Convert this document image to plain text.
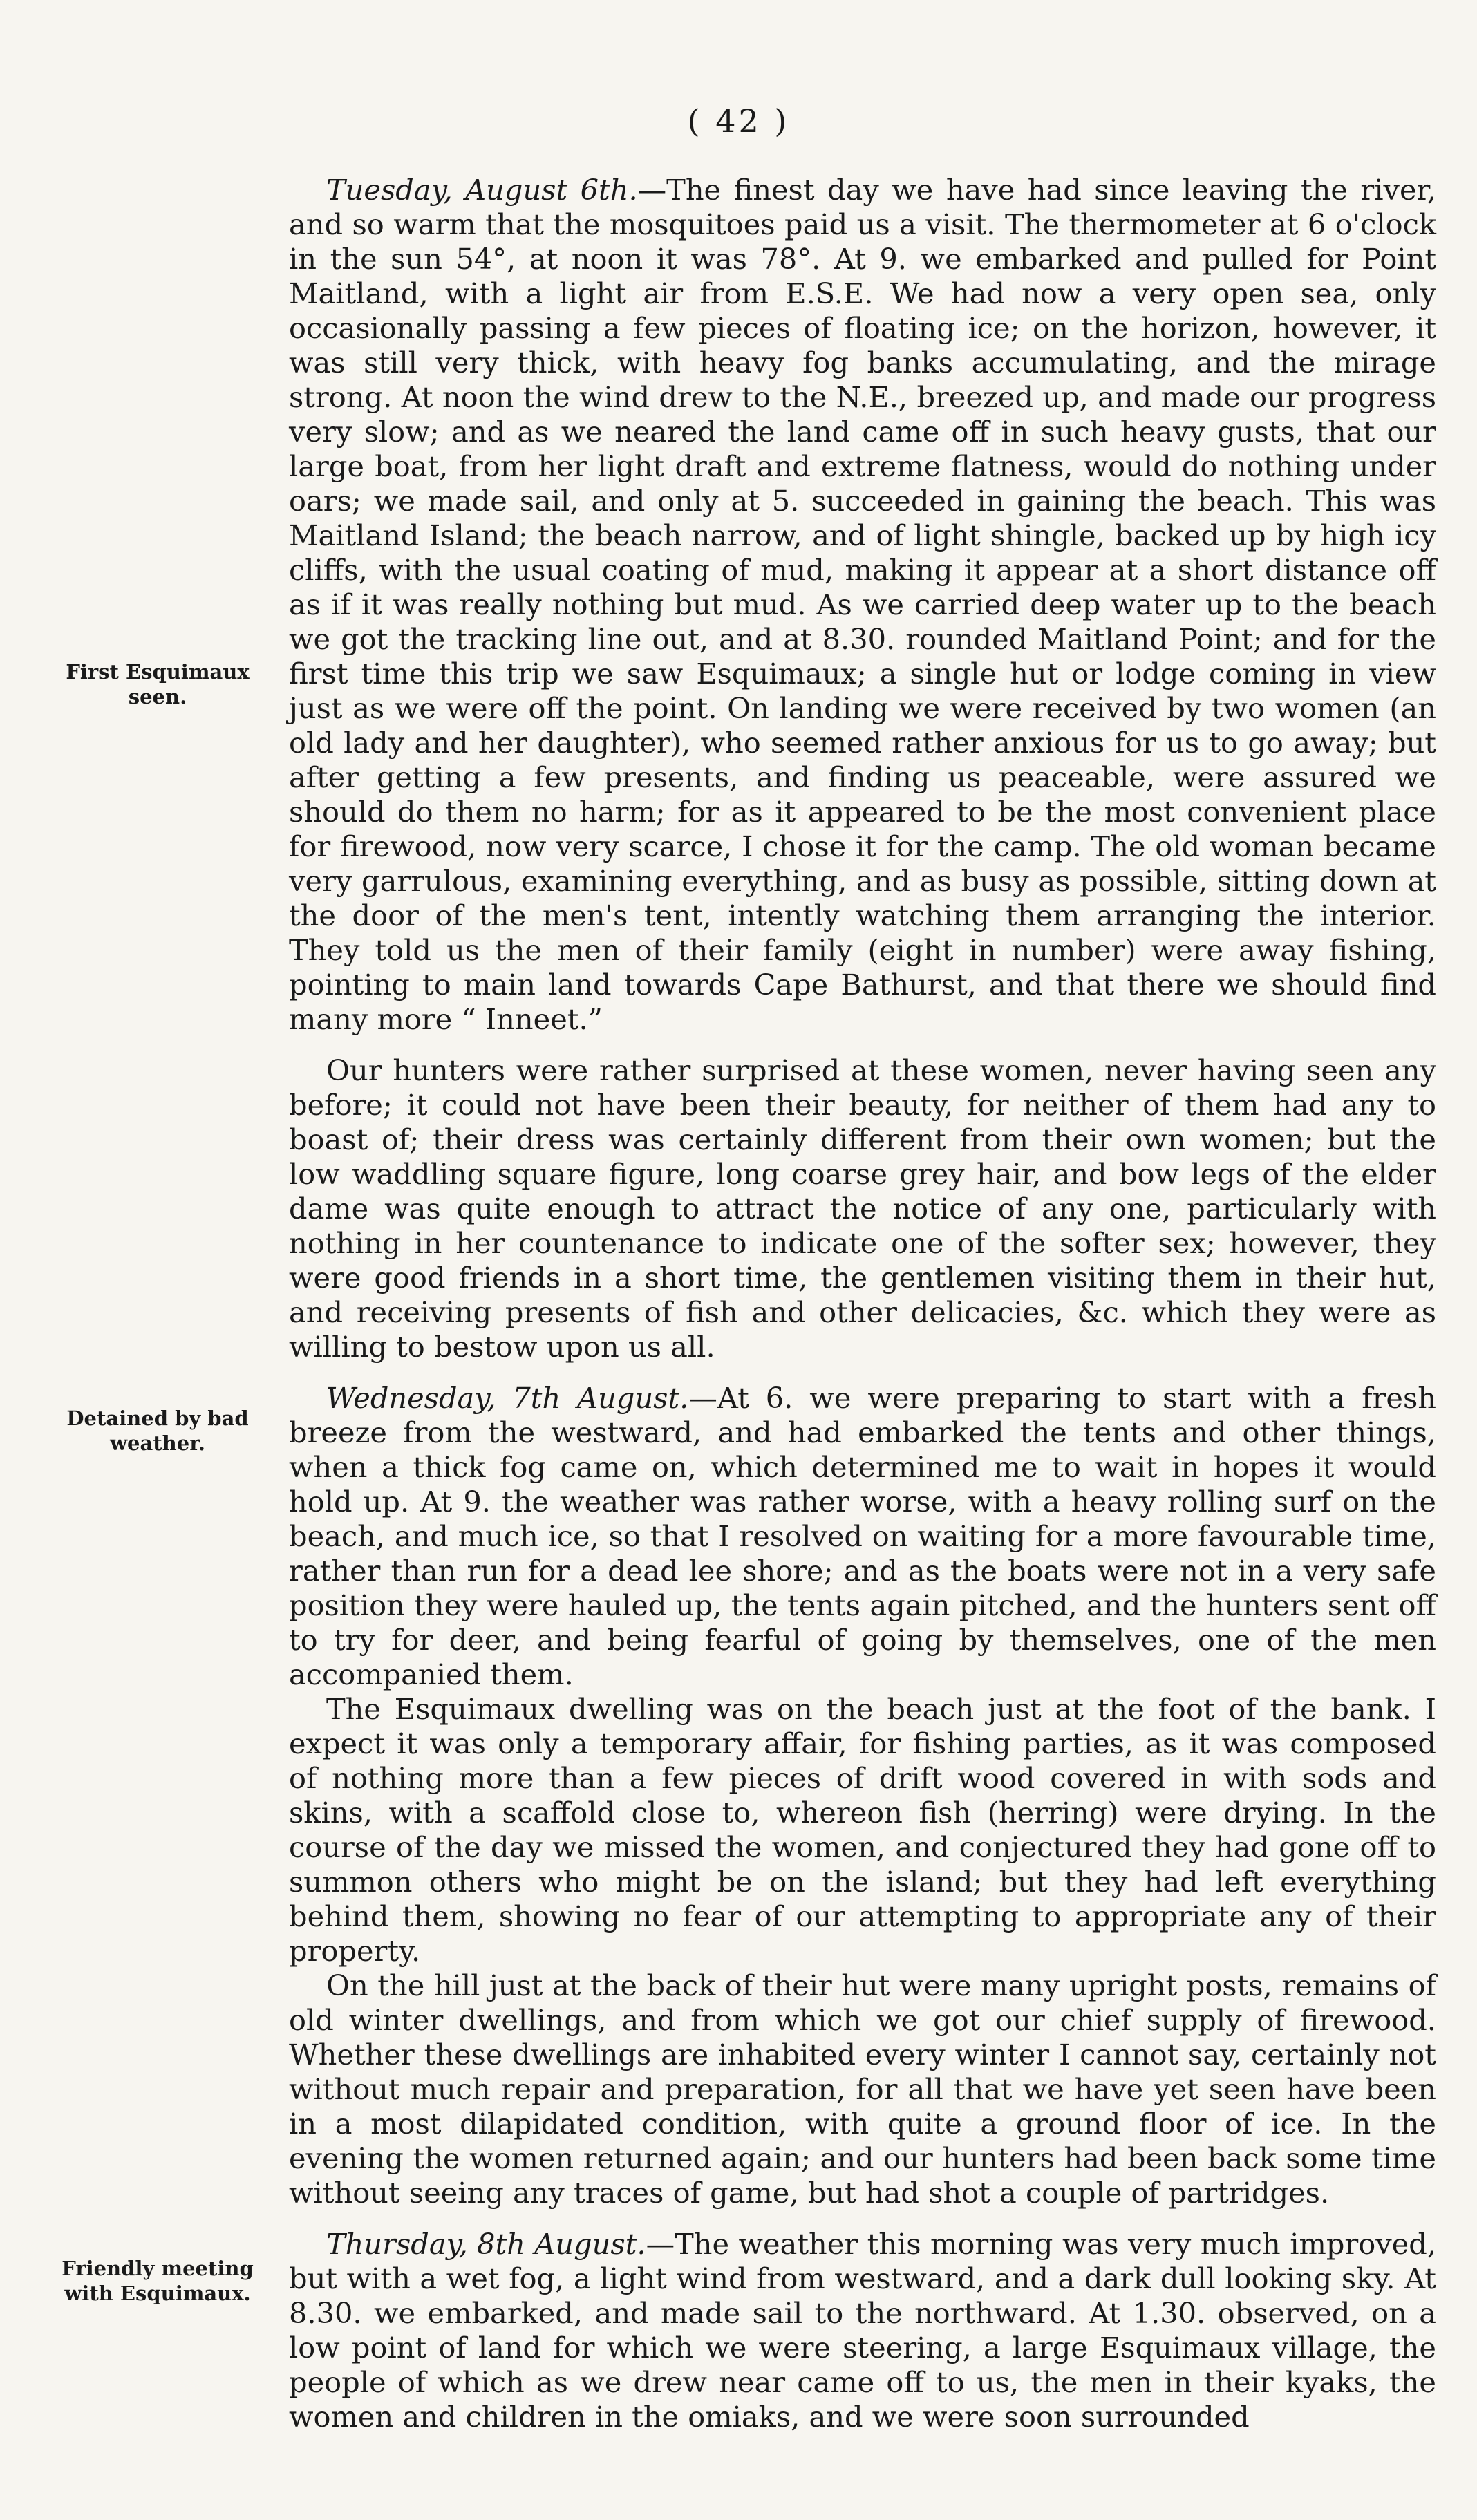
( 42 )
First Esquimaux seen.
Detained by bad weather.
Friendly meeting with Esquimaux.

Tuesday, August 6th.—The finest day we have had since leaving the river, and so warm that the mosquitoes paid us a visit. The thermometer at 6 o'clock in the sun 54°, at noon it was 78°. At 9. we embarked and pulled for Point Maitland, with a light air from E.S.E. We had now a very open sea, only occasionally passing a few pieces of floating ice; on the horizon, however, it was still very thick, with heavy fog banks accumulating, and the mirage strong. At noon the wind drew to the N.E., breezed up, and made our progress very slow; and as we neared the land came off in such heavy gusts, that our large boat, from her light draft and extreme flatness, would do nothing under oars; we made sail, and only at 5. succeeded in gaining the beach. This was Maitland Island; the beach narrow, and of light shingle, backed up by high icy cliffs, with the usual coating of mud, making it appear at a short distance off as if it was really nothing but mud. As we carried deep water up to the beach we got the tracking line out, and at 8.30. rounded Maitland Point; and for the first time this trip we saw Esquimaux; a single hut or lodge coming in view just as we were off the point. On landing we were received by two women (an old lady and her daughter), who seemed rather anxious for us to go away; but after getting a few presents, and finding us peaceable, were assured we should do them no harm; for as it appeared to be the most convenient place for firewood, now very scarce, I chose it for the camp. The old woman became very garrulous, examining everything, and as busy as possible, sitting down at the door of the men's tent, intently watching them arranging the interior. They told us the men of their family (eight in number) were away fishing, pointing to main land towards Cape Bathurst, and that there we should find many more “ Inneet.”

Our hunters were rather surprised at these women, never having seen any before; it could not have been their beauty, for neither of them had any to boast of; their dress was certainly different from their own women; but the low waddling square figure, long coarse grey hair, and bow legs of the elder dame was quite enough to attract the notice of any one, particularly with nothing in her countenance to indicate one of the softer sex; however, they were good friends in a short time, the gentlemen visiting them in their hut, and receiving presents of fish and other delicacies, &c. which they were as willing to bestow upon us all.

Wednesday, 7th August.—At 6. we were preparing to start with a fresh breeze from the westward, and had embarked the tents and other things, when a thick fog came on, which determined me to wait in hopes it would hold up. At 9. the weather was rather worse, with a heavy rolling surf on the beach, and much ice, so that I resolved on waiting for a more favourable time, rather than run for a dead lee shore; and as the boats were not in a very safe position they were hauled up, the tents again pitched, and the hunters sent off to try for deer, and being fearful of going by themselves, one of the men accompanied them.

The Esquimaux dwelling was on the beach just at the foot of the bank. I expect it was only a temporary affair, for fishing parties, as it was composed of nothing more than a few pieces of drift wood covered in with sods and skins, with a scaffold close to, whereon fish (herring) were drying. In the course of the day we missed the women, and conjectured they had gone off to summon others who might be on the island; but they had left everything behind them, showing no fear of our attempting to appropriate any of their property.

On the hill just at the back of their hut were many upright posts, remains of old winter dwellings, and from which we got our chief supply of firewood. Whether these dwellings are inhabited every winter I cannot say, certainly not without much repair and preparation, for all that we have yet seen have been in a most dilapidated condition, with quite a ground floor of ice. In the evening the women returned again; and our hunters had been back some time without seeing any traces of game, but had shot a couple of partridges.

Thursday, 8th August.—The weather this morning was very much improved, but with a wet fog, a light wind from westward, and a dark dull looking sky. At 8.30. we embarked, and made sail to the northward. At 1.30. observed, on a low point of land for which we were steering, a large Esquimaux village, the people of which as we drew near came off to us, the men in their kyaks, the women and children in the omiaks, and we were soon surrounded
